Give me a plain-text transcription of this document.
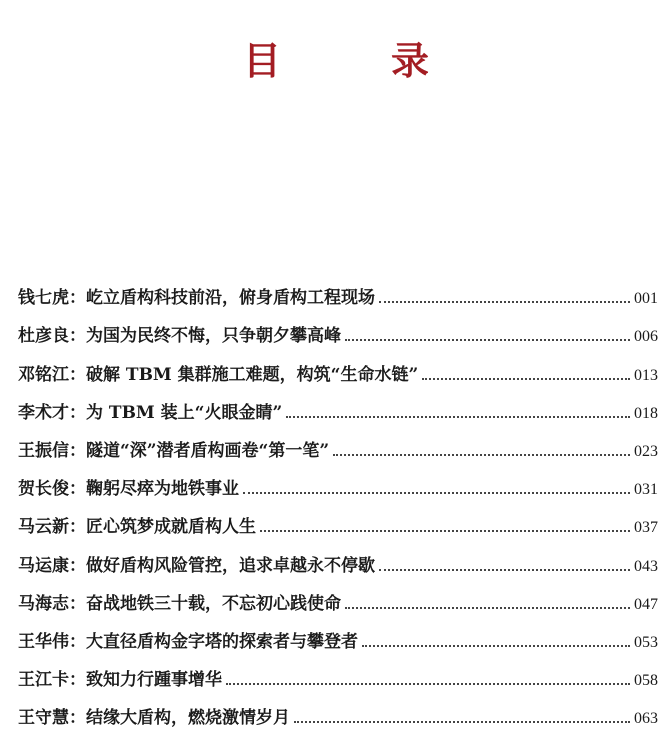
目　录
钱七虎 ： 屹立盾构科技前沿，俯身盾构工程现场	001
杜彦良 ： 为国为民终不悔，只争朝夕攀高峰	006
邓铭江 ： 破解 TBM 集群施工难题，构筑“生命水链”	013
李术才 ： 为 TBM 装上“火眼金睛”	018
王振信 ： 隧道“深”潜者盾构画卷“第一笔”	023
贺长俊 ： 鞠躬尽瘁为地铁事业	031
马云新 ： 匠心筑梦成就盾构人生	037
马运康 ： 做好盾构风险管控，追求卓越永不停歇	043
马海志 ： 奋战地铁三十载，不忘初心践使命	047
王华伟 ： 大直径盾构金字塔的探索者与攀登者	053
王江卡 ： 致知力行踵事增华	058
王守慧 ： 结缘大盾构，燃烧激情岁月	063
